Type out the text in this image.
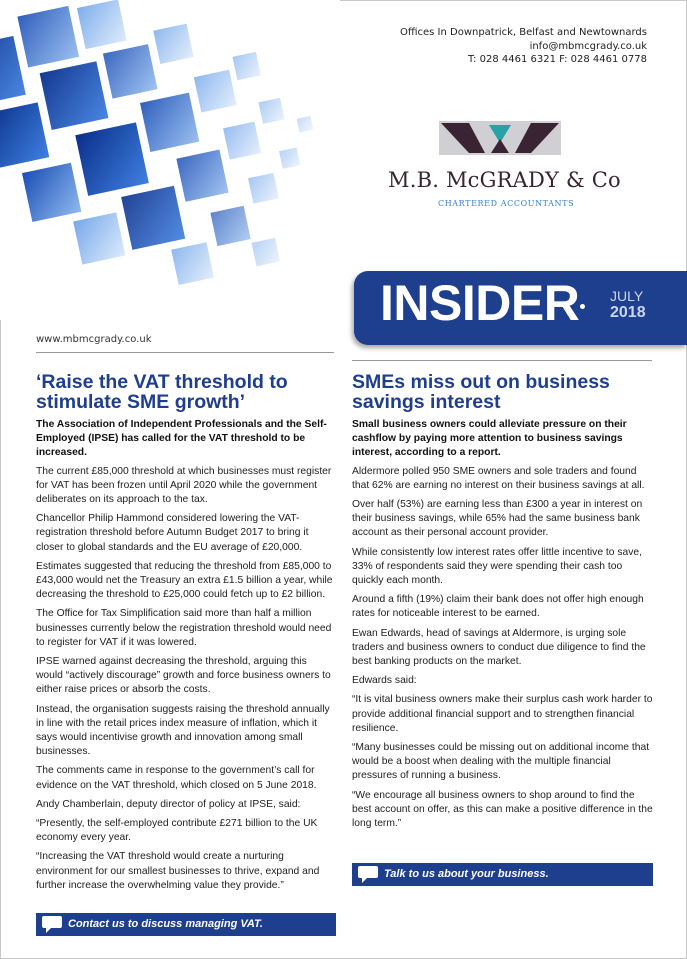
Offices In Downpatrick, Belfast and Newtownards
info@mbmcgrady.co.uk
T: 028 4461 6321 F: 028 4461 0778
M.B. McGRADY & Co
CHARTERED ACCOUNTANTS
INSIDER JULY
2018
www.mbmcgrady.co.uk
‘Raise the VAT threshold to stimulate SME growth’

The Association of Independent Professionals and the Self-Employed (IPSE) has called for the VAT threshold to be increased.

The current £85,000 threshold at which businesses must register for VAT has been frozen until April 2020 while the government deliberates on its approach to the tax.

Chancellor Philip Hammond considered lowering the VAT-registration threshold before Autumn Budget 2017 to bring it closer to global standards and the EU average of £20,000.

Estimates suggested that reducing the threshold from £85,000 to £43,000 would net the Treasury an extra £1.5 billion a year, while decreasing the threshold to £25,000 could fetch up to £2 billion.

The Office for Tax Simplification said more than half a million businesses currently below the registration threshold would need to register for VAT if it was lowered.

IPSE warned against decreasing the threshold, arguing this would “actively discourage” growth and force business owners to either raise prices or absorb the costs.

Instead, the organisation suggests raising the threshold annually in line with the retail prices index measure of inflation, which it says would incentivise growth and innovation among small businesses.

The comments came in response to the government’s call for evidence on the VAT threshold, which closed on 5 June 2018.

Andy Chamberlain, deputy director of policy at IPSE, said:

“Presently, the self-employed contribute £271 billion to the UK economy every year.

“Increasing the VAT threshold would create a nurturing environment for our smallest businesses to thrive, expand and further increase the overwhelming value they provide.”

SMEs miss out on business savings interest

Small business owners could alleviate pressure on their cashflow by paying more attention to business savings interest, according to a report.

Aldermore polled 950 SME owners and sole traders and found that 62% are earning no interest on their business savings at all.

Over half (53%) are earning less than £300 a year in interest on their business savings, while 65% had the same business bank account as their personal account provider.

While consistently low interest rates offer little incentive to save, 33% of respondents said they were spending their cash too quickly each month.

Around a fifth (19%) claim their bank does not offer high enough rates for noticeable interest to be earned.

Ewan Edwards, head of savings at Aldermore, is urging sole traders and business owners to conduct due diligence to find the best banking products on the market.

Edwards said:

“It is vital business owners make their surplus cash work harder to provide additional financial support and to strengthen financial resilience.

“Many businesses could be missing out on additional income that would be a boost when dealing with the multiple financial pressures of running a business.

“We encourage all business owners to shop around to find the best account on offer, as this can make a positive difference in the long term.”

Contact us to discuss managing VAT.
Talk to us about your business.
